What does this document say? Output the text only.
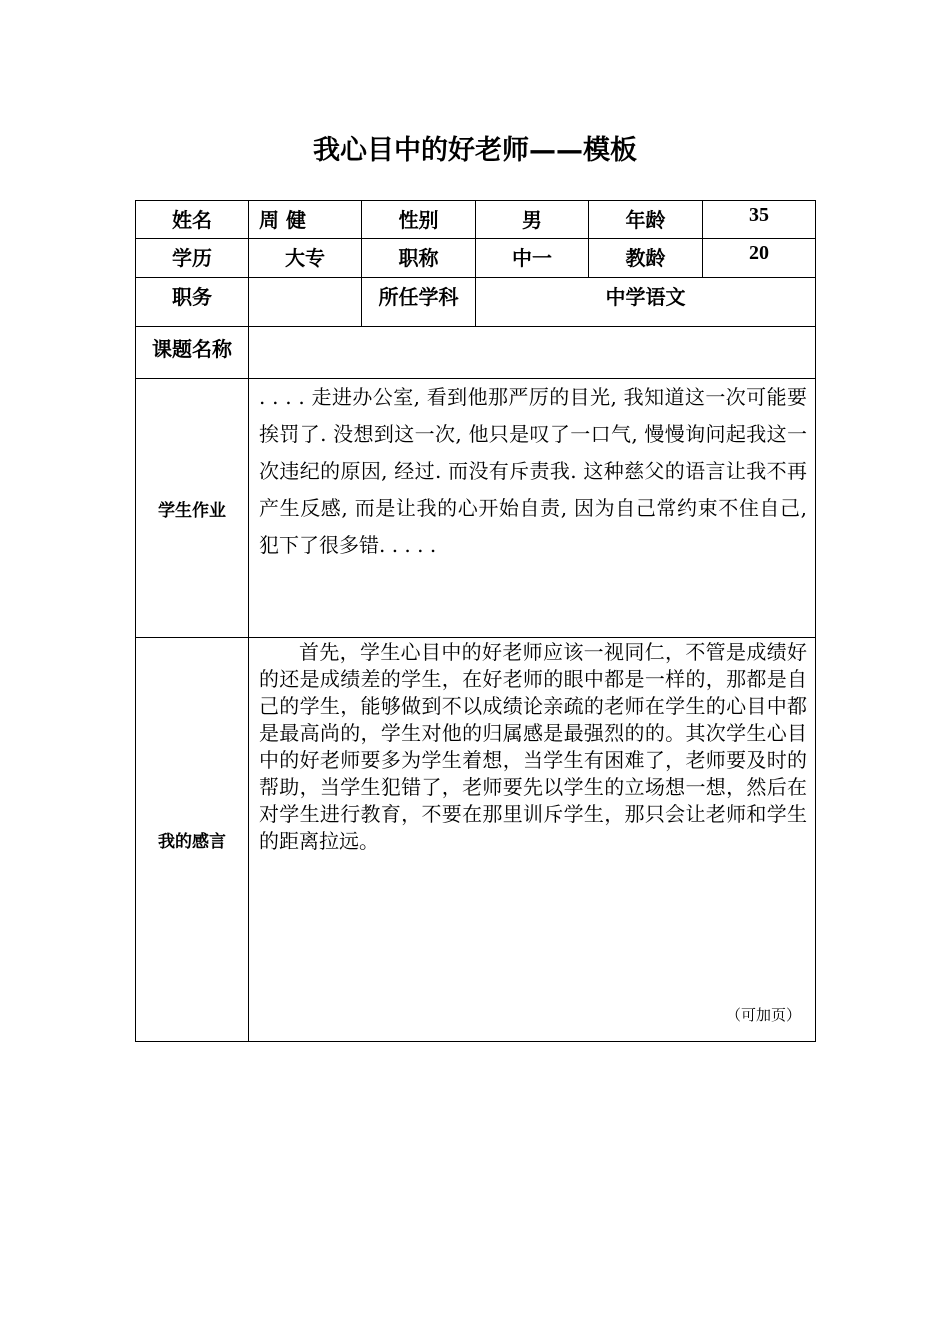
我心目中的好老师——模板
姓名	周 健	性别	男	年龄	35
学历	大专	职称	中一	教龄	20
职务		所任学科	中学语文		
课题名称					
学生作业	. . . . 走进办公室, 看到他那严厉的目光, 我知道这一次可能要挨罚了. 没想到这一次, 他只是叹了一口气, 慢慢询问起我这一次违纪的原因, 经过. 而没有斥责我. 这种慈父的语言让我不再产生反感, 而是让我的心开始自责, 因为自己常约束不住自己, 犯下了很多错. . . . .				
我的感言	首先，学生心目中的好老师应该一视同仁，不管是成绩好的还是成绩差的学生，在好老师的眼中都是一样的，那都是自己的学生，能够做到不以成绩论亲疏的老师在学生的心目中都是最高尚的，学生对他的归属感是最强烈的的。其次学生心目中的好老师要多为学生着想，当学生有困难了，老师要及时的帮助，当学生犯错了，老师要先以学生的立场想一想，然后在对学生进行教育，不要在那里训斥学生，那只会让老师和学生的距离拉远。
（可加页）				
